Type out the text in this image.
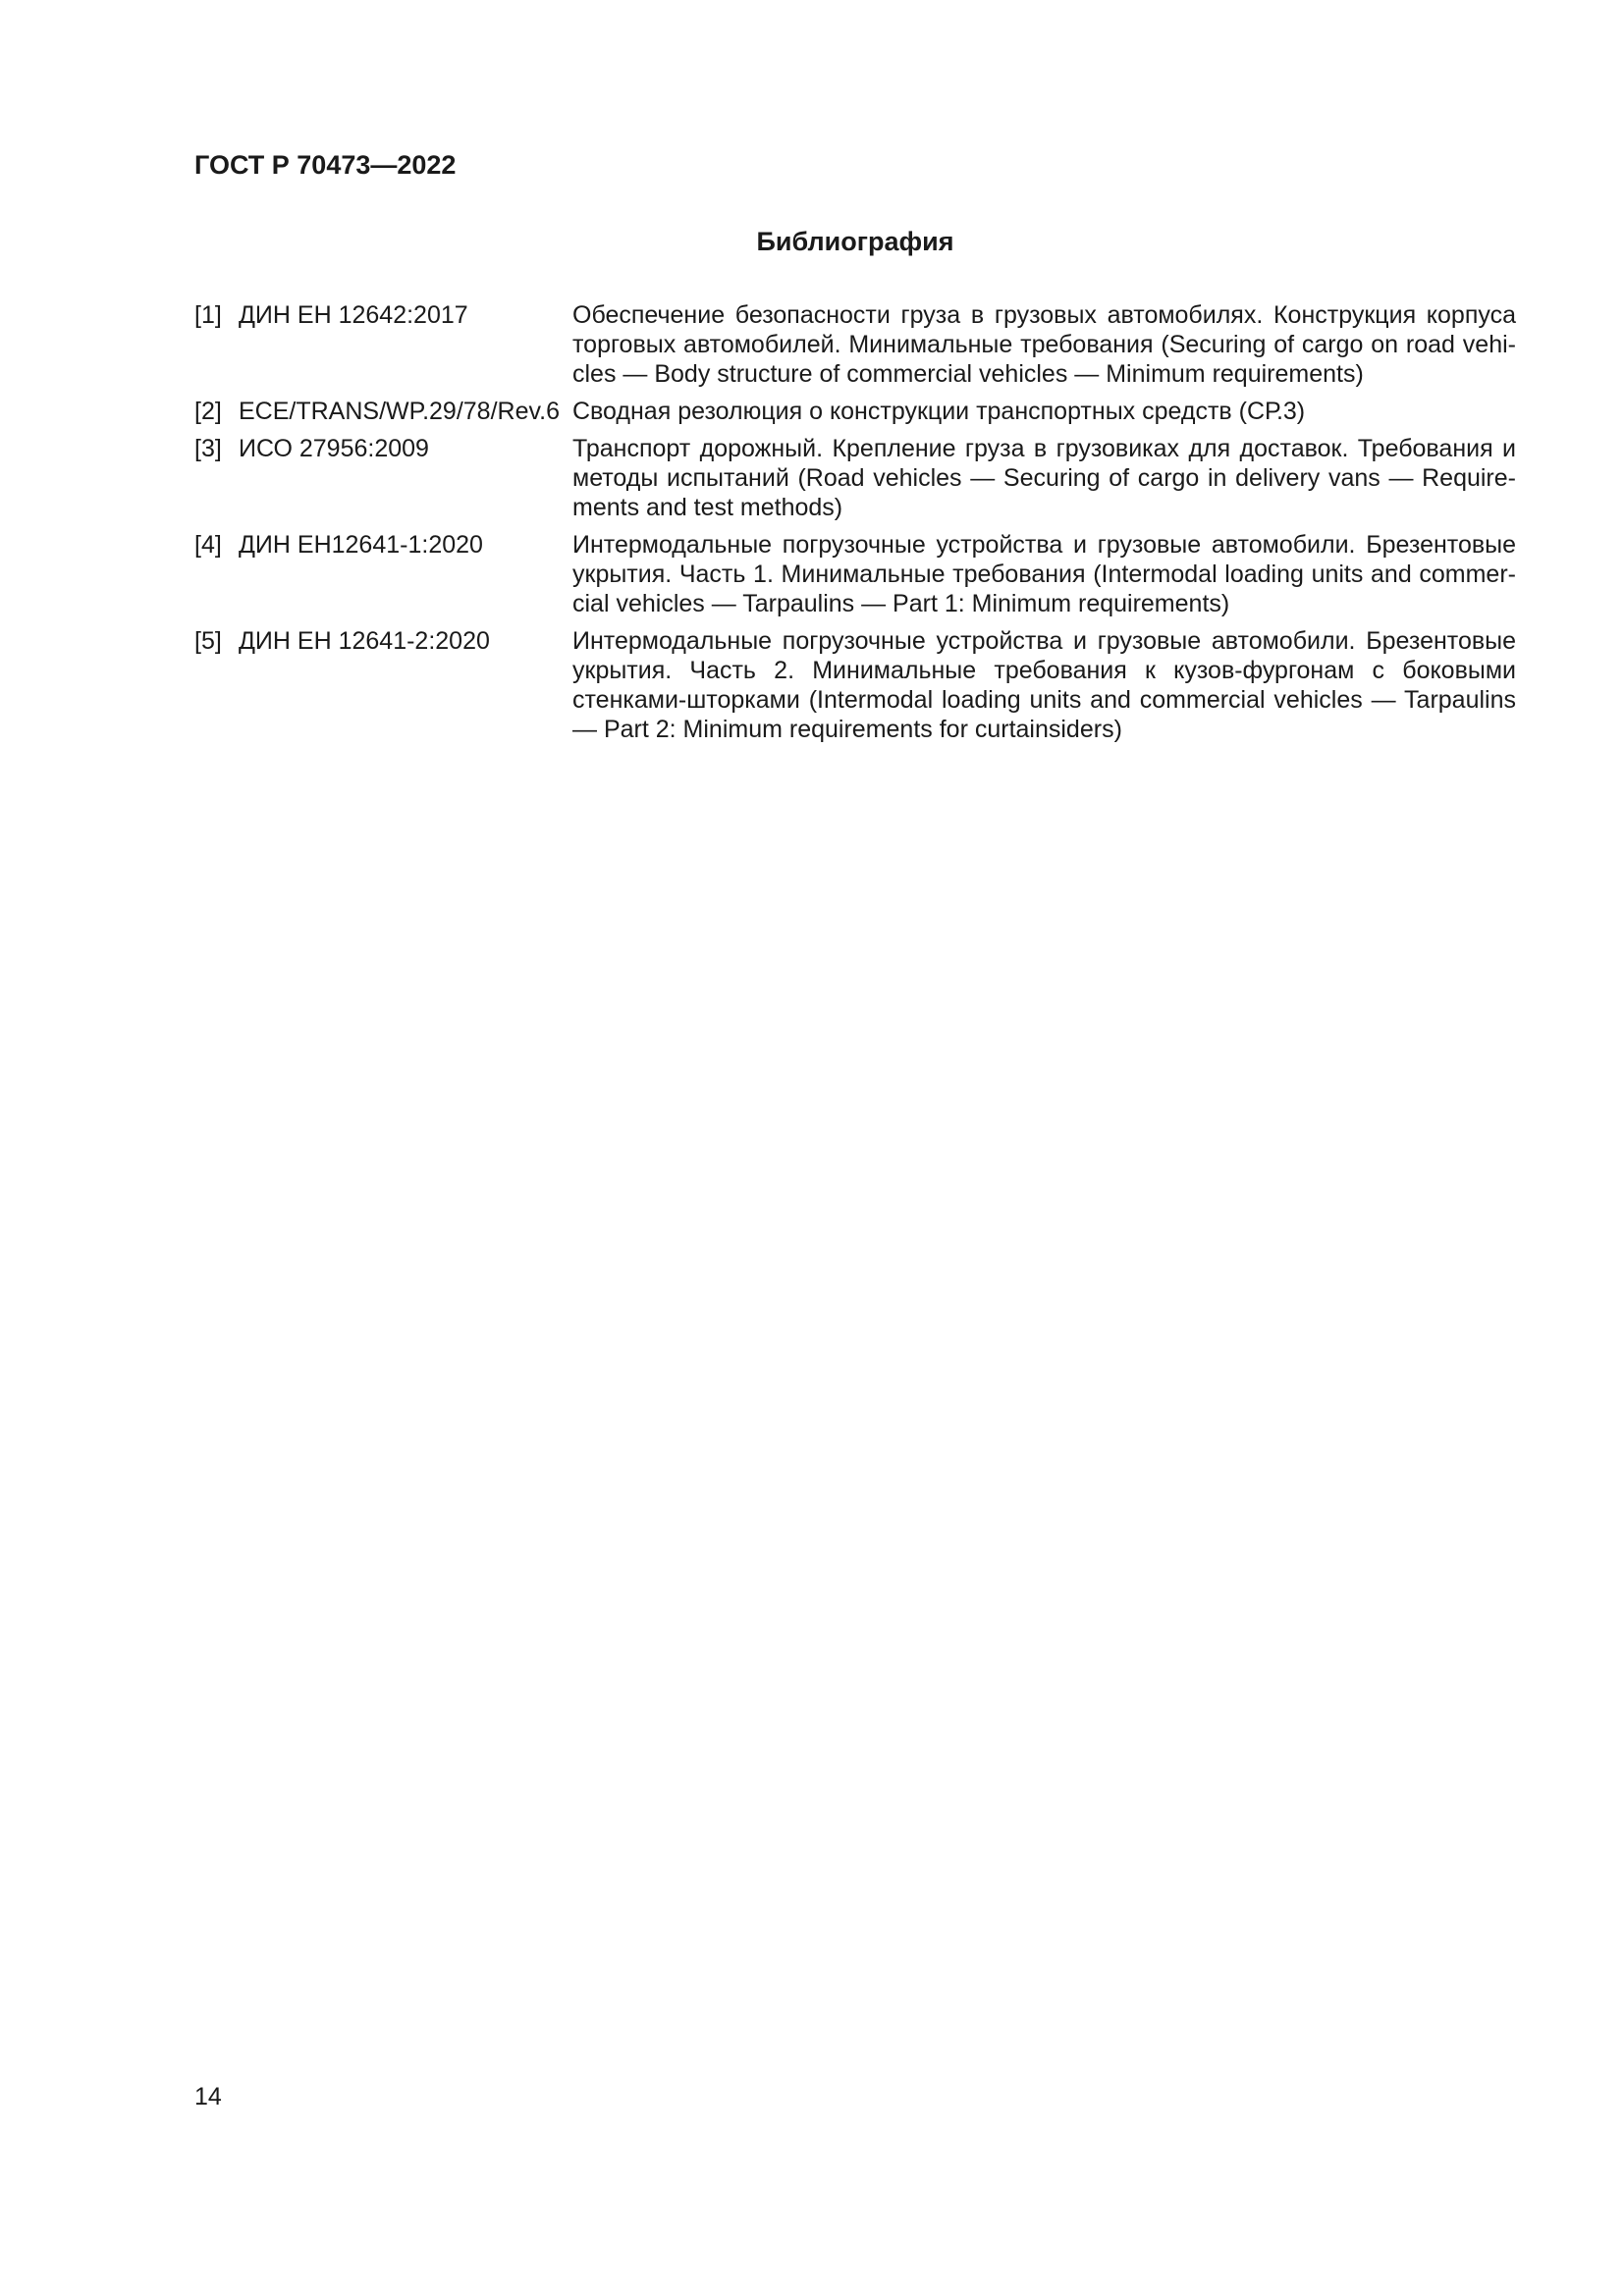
ГОСТ Р 70473—2022
Библиография
[1] ДИН ЕН 12642:2017	Обеспечение безопасности груза в грузовых автомобилях. Конструкция корпуса торговых автомобилей. Минимальные требования (Securing of cargo on road vehicles — Body structure of commercial vehicles — Minimum requirements)
[2] ECE/TRANS/WP.29/78/Rev.6 Сводная резолюция о конструкции транспортных средств (СР.3)
[3] ИСО 27956:2009	Транспорт дорожный. Крепление груза в грузовиках для доставок. Требования и методы испытаний (Road vehicles — Securing of cargo in delivery vans — Requirements and test methods)
[4] ДИН ЕН12641-1:2020	Интермодальные погрузочные устройства и грузовые автомобили. Брезентовые укрытия. Часть 1. Минимальные требования (Intermodal loading units and commercial vehicles — Tarpaulins — Part 1: Minimum requirements)
[5] ДИН ЕН 12641-2:2020	Интермодальные погрузочные устройства и грузовые автомобили. Брезентовые укрытия. Часть 2. Минимальные требования к кузов-фургонам с боковыми стенками-шторками (Intermodal loading units and commercial vehicles — Tarpaulins — Part 2: Minimum requirements for curtainsiders)
14
